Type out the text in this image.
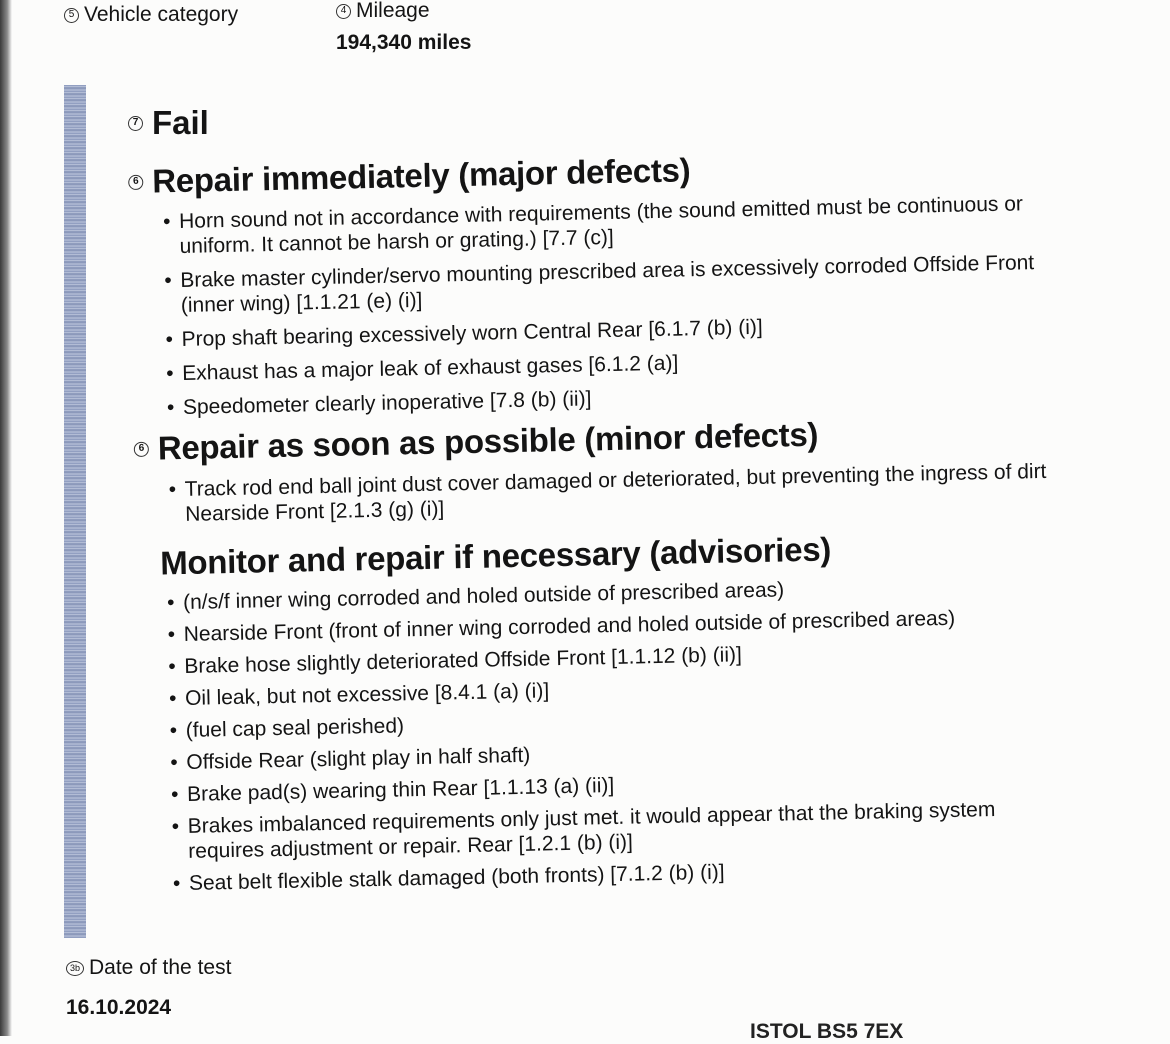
5 Vehicle category	4 Mileage
194,340 miles
7 Fail
6 Repair immediately (major defects)
• Horn sound not in accordance with requirements (the sound emitted must be continuous or
uniform. It cannot be harsh or grating.) [7.7 (c)]
• Brake master cylinder/servo mounting prescribed area is excessively corroded Offside Front
(inner wing) [1.1.21 (e) (i)]
• Prop shaft bearing excessively worn Central Rear [6.1.7 (b) (i)]
• Exhaust has a major leak of exhaust gases [6.1.2 (a)]
• Speedometer clearly inoperative [7.8 (b) (ii)]
6 Repair as soon as possible (minor defects)
• Track rod end ball joint dust cover damaged or deteriorated, but preventing the ingress of dirt
Nearside Front [2.1.3 (g) (i)]
Monitor and repair if necessary (advisories)
• (n/s/f inner wing corroded and holed outside of prescribed areas)
• Nearside Front (front of inner wing corroded and holed outside of prescribed areas)
• Brake hose slightly deteriorated Offside Front [1.1.12 (b) (ii)]
• Oil leak, but not excessive [8.4.1 (a) (i)]
• (fuel cap seal perished)
• Offside Rear (slight play in half shaft)
• Brake pad(s) wearing thin Rear [1.1.13 (a) (ii)]
• Brakes imbalanced requirements only just met. it would appear that the braking system
requires adjustment or repair. Rear [1.2.1 (b) (i)]
• Seat belt flexible stalk damaged (both fronts) [7.1.2 (b) (i)]
3b Date of the test
16.10.2024
ISTOL BS5 7EX
